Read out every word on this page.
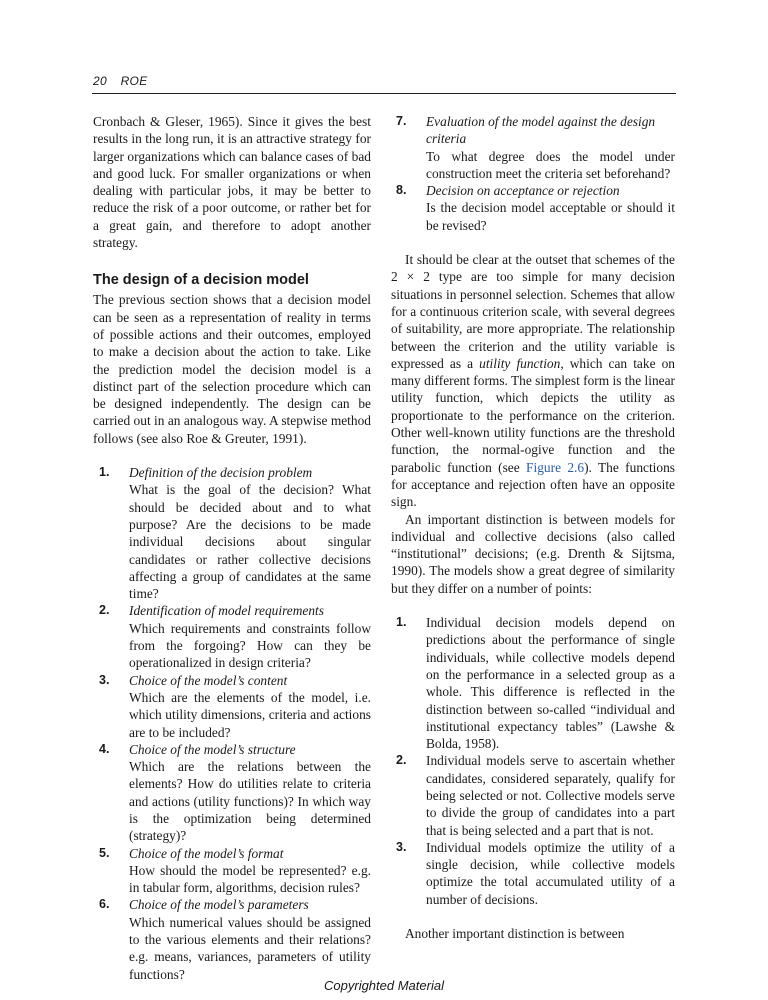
20 ROE

Cronbach & Gleser, 1965). Since it gives the best results in the long run, it is an attractive strategy for larger organizations which can balance cases of bad and good luck. For smaller organizations or when dealing with particular jobs, it may be better to reduce the risk of a poor outcome, or rather bet for a great gain, and therefore to adopt another strategy.

The design of a decision model

The previous section shows that a decision model can be seen as a representation of reality in terms of possible actions and their outcomes, employed to make a decision about the action to take. Like the prediction model the decision model is a distinct part of the selection procedure which can be designed independently. The design can be carried out in an analogous way. A stepwise method follows (see also Roe & Greuter, 1991).

1. Definition of the decision problem
What is the goal of the decision? What should be decided about and to what purpose? Are the decisions to be made individual decisions about singular candidates or rather collective decisions affecting a group of candidates at the same time?
2. Identification of model requirements
Which requirements and constraints follow from the forgoing? How can they be operationalized in design criteria?
3. Choice of the model’s content
Which are the elements of the model, i.e. which utility dimensions, criteria and actions are to be included?
4. Choice of the model’s structure
Which are the relations between the elements? How do utilities relate to criteria and actions (utility functions)? In which way is the optimization being determined (strategy)?
5. Choice of the model’s format
How should the model be represented? e.g. in tabular form, algorithms, decision rules?
6. Choice of the model’s parameters
Which numerical values should be assigned to the various elements and their relations? e.g. means, variances, parameters of utility functions?
7. Evaluation of the model against the design criteria
To what degree does the model under construction meet the criteria set beforehand?
8. Decision on acceptance or rejection
Is the decision model acceptable or should it be revised?

It should be clear at the outset that schemes of the 2 × 2 type are too simple for many decision situations in personnel selection. Schemes that allow for a continuous criterion scale, with several degrees of suitability, are more appropriate. The relationship between the criterion and the utility variable is expressed as a utility function, which can take on many different forms. The simplest form is the linear utility function, which depicts the utility as proportionate to the performance on the criterion. Other well-known utility functions are the threshold function, the normal-ogive function and the parabolic function (see Figure 2.6). The functions for acceptance and rejection often have an opposite sign.

An important distinction is between models for individual and collective decisions (also called “institutional” decisions; (e.g. Drenth & Sijtsma, 1990). The models show a great degree of similarity but they differ on a number of points:

1. Individual decision models depend on predictions about the performance of single individuals, while collective models depend on the performance in a selected group as a whole. This difference is reflected in the distinction between so-called “individual and institutional expectancy tables” (Lawshe & Bolda, 1958).
2. Individual models serve to ascertain whether candidates, considered separately, qualify for being selected or not. Collective models serve to divide the group of candidates into a part that is being selected and a part that is not.
3. Individual models optimize the utility of a single decision, while collective models optimize the total accumulated utility of a number of decisions.

Another important distinction is between

Copyrighted Material
